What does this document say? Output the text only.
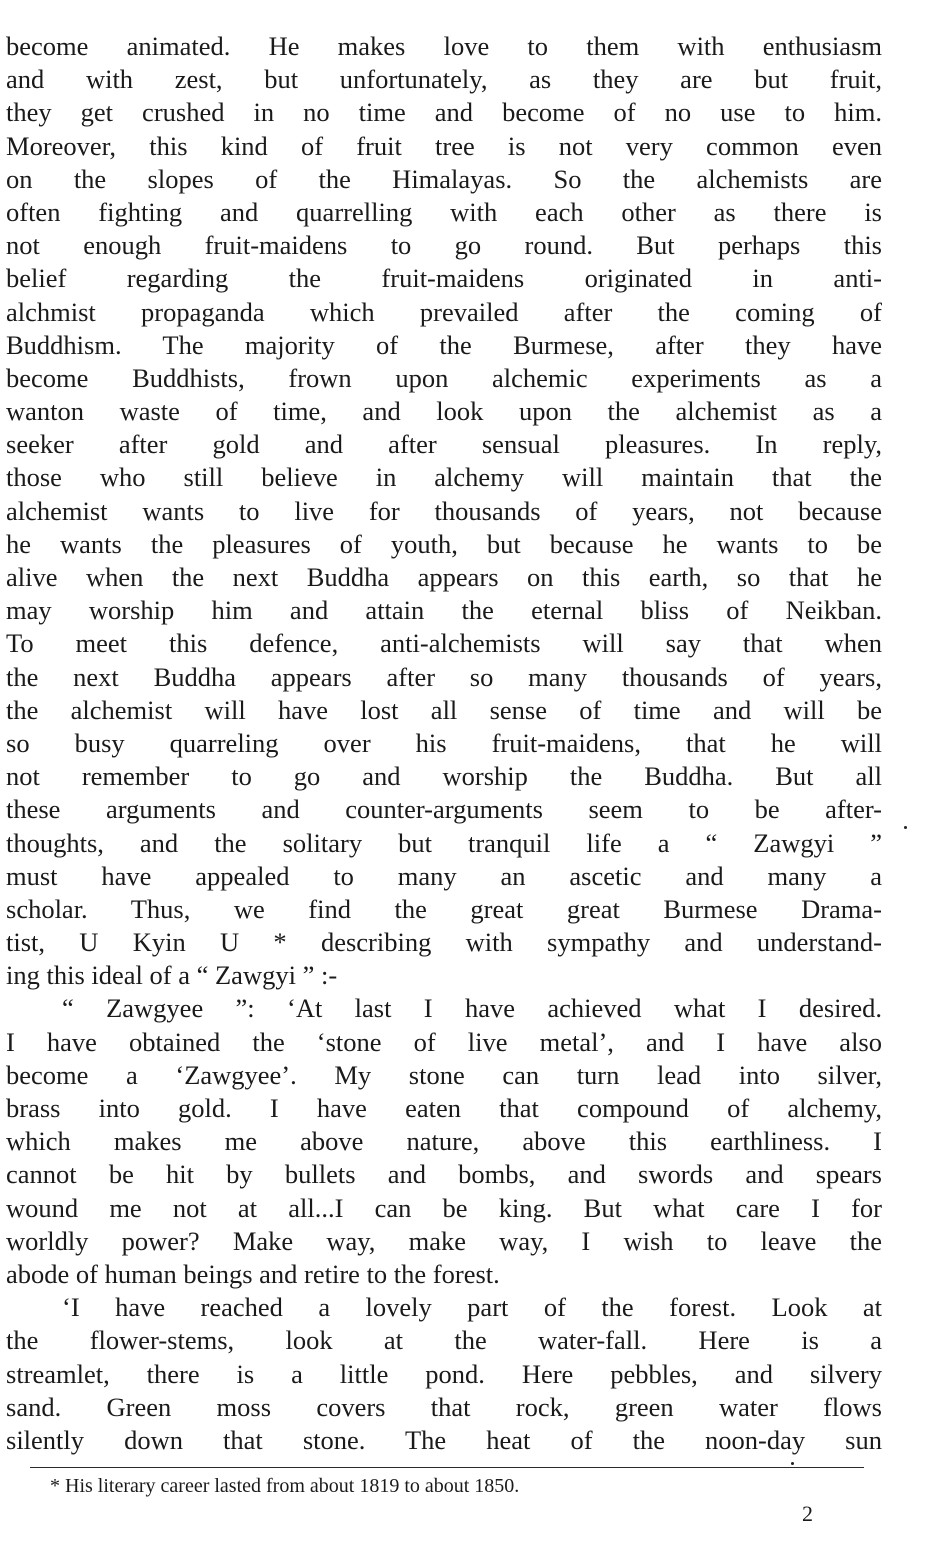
become animated. He makes love to them with enthusiasm
and with zest, but unfortunately, as they are but fruit,
they get crushed in no time and become of no use to him.
Moreover, this kind of fruit tree is not very common even
on the slopes of the Himalayas. So the alchemists are
often fighting and quarrelling with each other as there is
not enough fruit-maidens to go round. But perhaps this
belief regarding the fruit-maidens originated in anti-
alchmist propaganda which prevailed after the coming of
Buddhism. The majority of the Burmese, after they have
become Buddhists, frown upon alchemic experiments as a
wanton waste of time, and look upon the alchemist as a
seeker after gold and after sensual pleasures. In reply,
those who still believe in alchemy will maintain that the
alchemist wants to live for thousands of years, not because
he wants the pleasures of youth, but because he wants to be
alive when the next Buddha appears on this earth, so that he
may worship him and attain the eternal bliss of Neikban.
To meet this defence, anti-alchemists will say that when
the next Buddha appears after so many thousands of years,
the alchemist will have lost all sense of time and will be
so busy quarreling over his fruit-maidens, that he will
not remember to go and worship the Buddha. But all
these arguments and counter-arguments seem to be after-
thoughts, and the solitary but tranquil life a “ Zawgyi ”
must have appealed to many an ascetic and many a
scholar. Thus, we find the great great Burmese Drama-
tist, U Kyin U * describing with sympathy and understand-
ing this ideal of a “ Zawgyi ” :-
“ Zawgyee ”: ‘At last I have achieved what I desired.
I have obtained the ‘stone of live metal’, and I have also
become a ‘Zawgyee’. My stone can turn lead into silver,
brass into gold. I have eaten that compound of alchemy,
which makes me above nature, above this earthliness. I
cannot be hit by bullets and bombs, and swords and spears
wound me not at all...I can be king. But what care I for
worldly power? Make way, make way, I wish to leave the
abode of human beings and retire to the forest.
‘I have reached a lovely part of the forest. Look at
the flower-stems, look at the water-fall. Here is a
streamlet, there is a little pond. Here pebbles, and silvery
sand. Green moss covers that rock, green water flows
silently down that stone. The heat of the noon-day sun
* His literary career lasted from about 1819 to about 1850.
2
